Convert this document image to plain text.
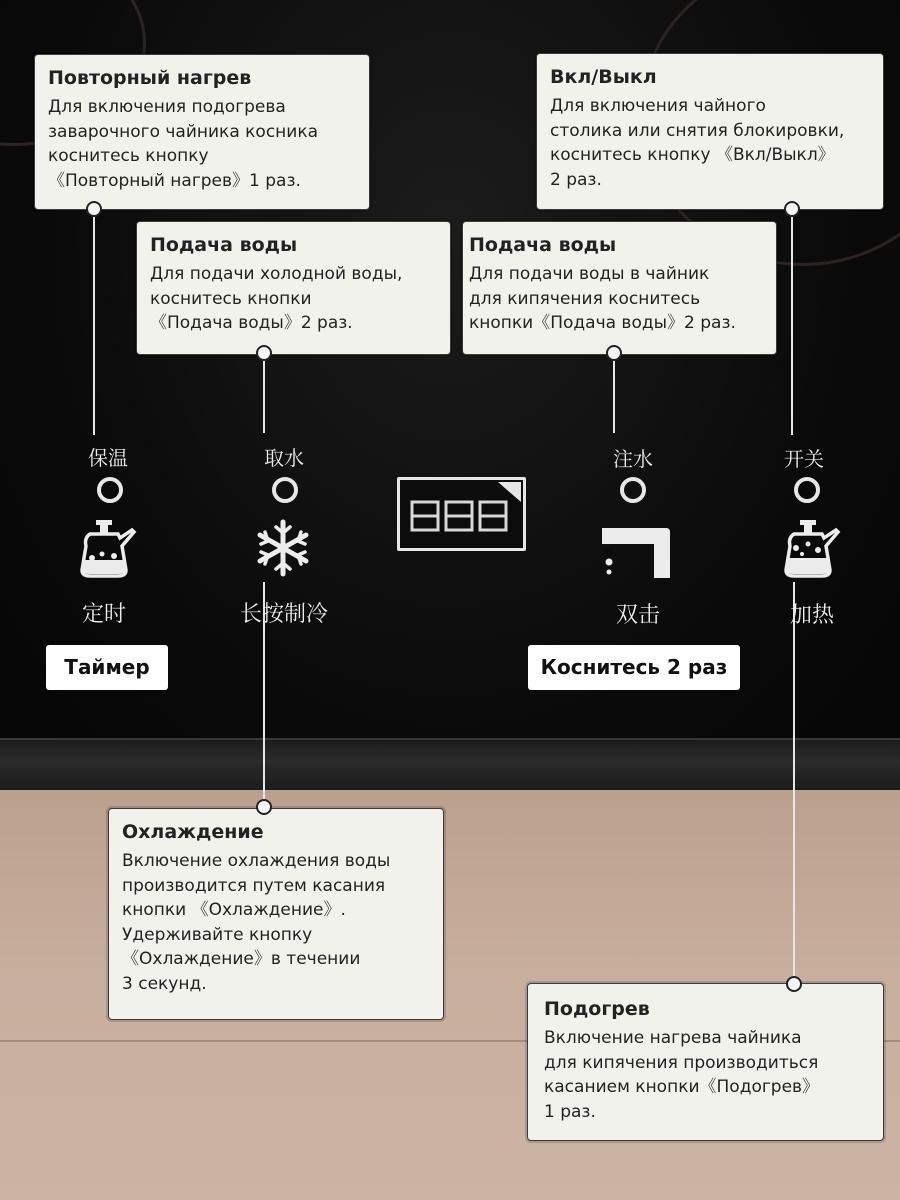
Повторный нагрев
Для включения подогрева
заварочного чайника косника
коснитесь кнопку
《Повторный нагрев》1 раз.
Вкл/Выкл
Для включения чайного
столика или снятия блокировки,
коснитесь кнопку 《Вкл/Выкл》
2 раз.
Подача воды
Для подачи холодной воды,
коснитесь кнопки
《Подача воды》2 раз.
Подача воды
Для подачи воды в чайник
для кипячения коснитесь
кнопки《Подача воды》2 раз.
Охлаждение
Включение охлаждения воды
производится путем касания
кнопки 《Охлаждение》.
Удерживайте кнопку
《Охлаждение》в течении
3 секунд.
Подогрев
Включение нагрева чайника
для кипячения производиться
касанием кнопки《Подогрев》
1 раз.
保温	取水	注水	开关
定时	长按制冷	双击	加热
Таймер	Коснитесь 2 раз
